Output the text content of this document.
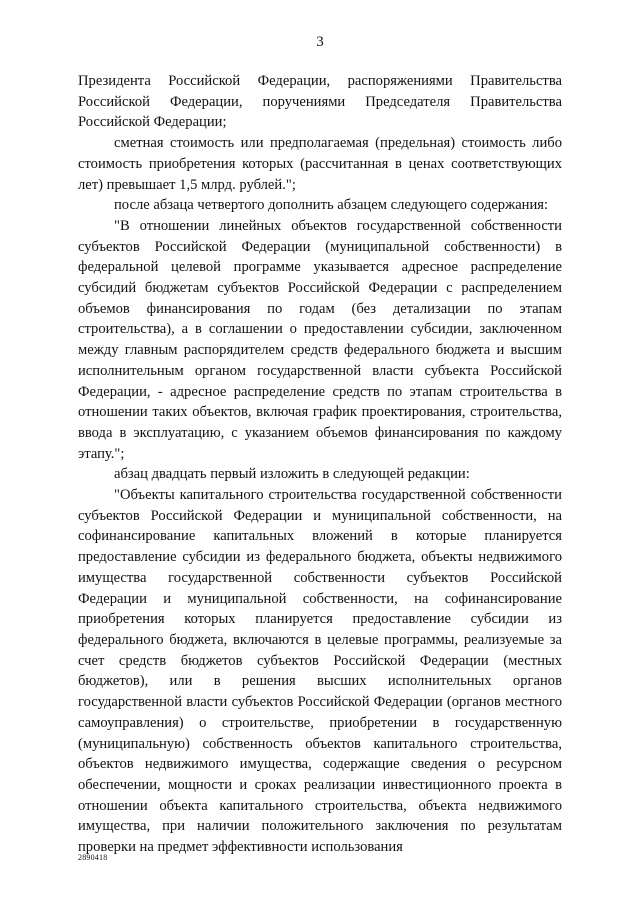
3

Президента Российской Федерации, распоряжениями Правительства Российской Федерации, поручениями Председателя Правительства Российской Федерации;

сметная стоимость или предполагаемая (предельная) стоимость либо стоимость приобретения которых (рассчитанная в ценах соответствующих лет) превышает 1,5 млрд. рублей.";

после абзаца четвертого дополнить абзацем следующего содержания:

"В отношении линейных объектов государственной собственности субъектов Российской Федерации (муниципальной собственности) в федеральной целевой программе указывается адресное распределение субсидий бюджетам субъектов Российской Федерации с распределением объемов финансирования по годам (без детализации по этапам строительства), а в соглашении о предоставлении субсидии, заключенном между главным распорядителем средств федерального бюджета и высшим исполнительным органом государственной власти субъекта Российской Федерации, - адресное распределение средств по этапам строительства в отношении таких объектов, включая график проектирования, строительства, ввода в эксплуатацию, с указанием объемов финансирования по каждому этапу.";

абзац двадцать первый изложить в следующей редакции:

"Объекты капитального строительства государственной собственности субъектов Российской Федерации и муниципальной собственности, на софинансирование капитальных вложений в которые планируется предоставление субсидии из федерального бюджета, объекты недвижимого имущества государственной собственности субъектов Российской Федерации и муниципальной собственности, на софинансирование приобретения которых планируется предоставление субсидии из федерального бюджета, включаются в целевые программы, реализуемые за счет средств бюджетов субъектов Российской Федерации (местных бюджетов), или в решения высших исполнительных органов государственной власти субъектов Российской Федерации (органов местного самоуправления) о строительстве, приобретении в государственную (муниципальную) собственность объектов капитального строительства, объектов недвижимого имущества, содержащие сведения о ресурсном обеспечении, мощности и сроках реализации инвестиционного проекта в отношении объекта капитального строительства, объекта недвижимого имущества, при наличии положительного заключения по результатам проверки на предмет эффективности использования

2890418
